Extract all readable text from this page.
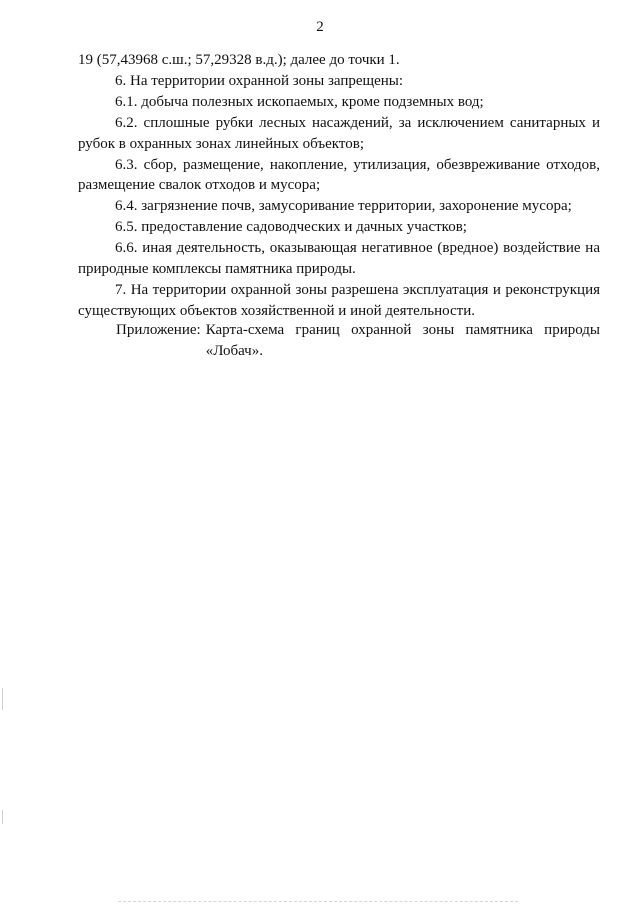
2

19 (57,43968 с.ш.; 57,29328 в.д.); далее до точки 1.

6. На территории охранной зоны запрещены:

6.1. добыча полезных ископаемых, кроме подземных вод;

6.2. сплошные рубки лесных насаждений, за исключением санитарных и рубок в охранных зонах линейных объектов;

6.3. сбор, размещение, накопление, утилизация, обезвреживание отходов, размещение свалок отходов и мусора;

6.4. загрязнение почв, замусоривание территории, захоронение мусора;

6.5. предоставление садоводческих и дачных участков;

6.6. иная деятельность, оказывающая негативное (вредное) воздействие на природные комплексы памятника природы.

7. На территории охранной зоны разрешена эксплуатация и реконструкция существующих объектов хозяйственной и иной деятельности.

Приложение: Карта-схема границ охранной зоны памятника природы «Лобач».
